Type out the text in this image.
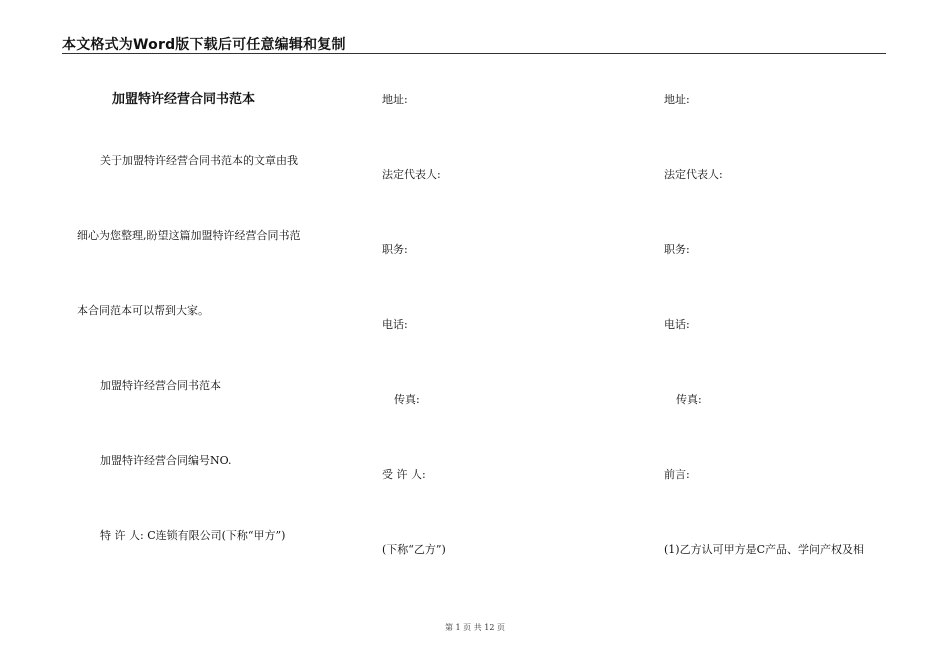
本文格式为Word版下载后可任意编辑和复制
加盟特许经营合同书范本
关于加盟特许经营合同书范本的文章由我
细心为您整理,盼望这篇加盟特许经营合同书范
本合同范本可以帮到大家。
加盟特许经营合同书范本
加盟特许经营合同编号NO.
特 许 人: C连锁有限公司(下称“甲方”)
地址:
法定代表人:
职务:
电话:
传真:
受 许 人:
(下称“乙方”)
地址:
法定代表人:
职务:
电话:
传真:
前言:
(1)乙方认可甲方是C产品、学问产权及相
第 1 页 共 12 页
